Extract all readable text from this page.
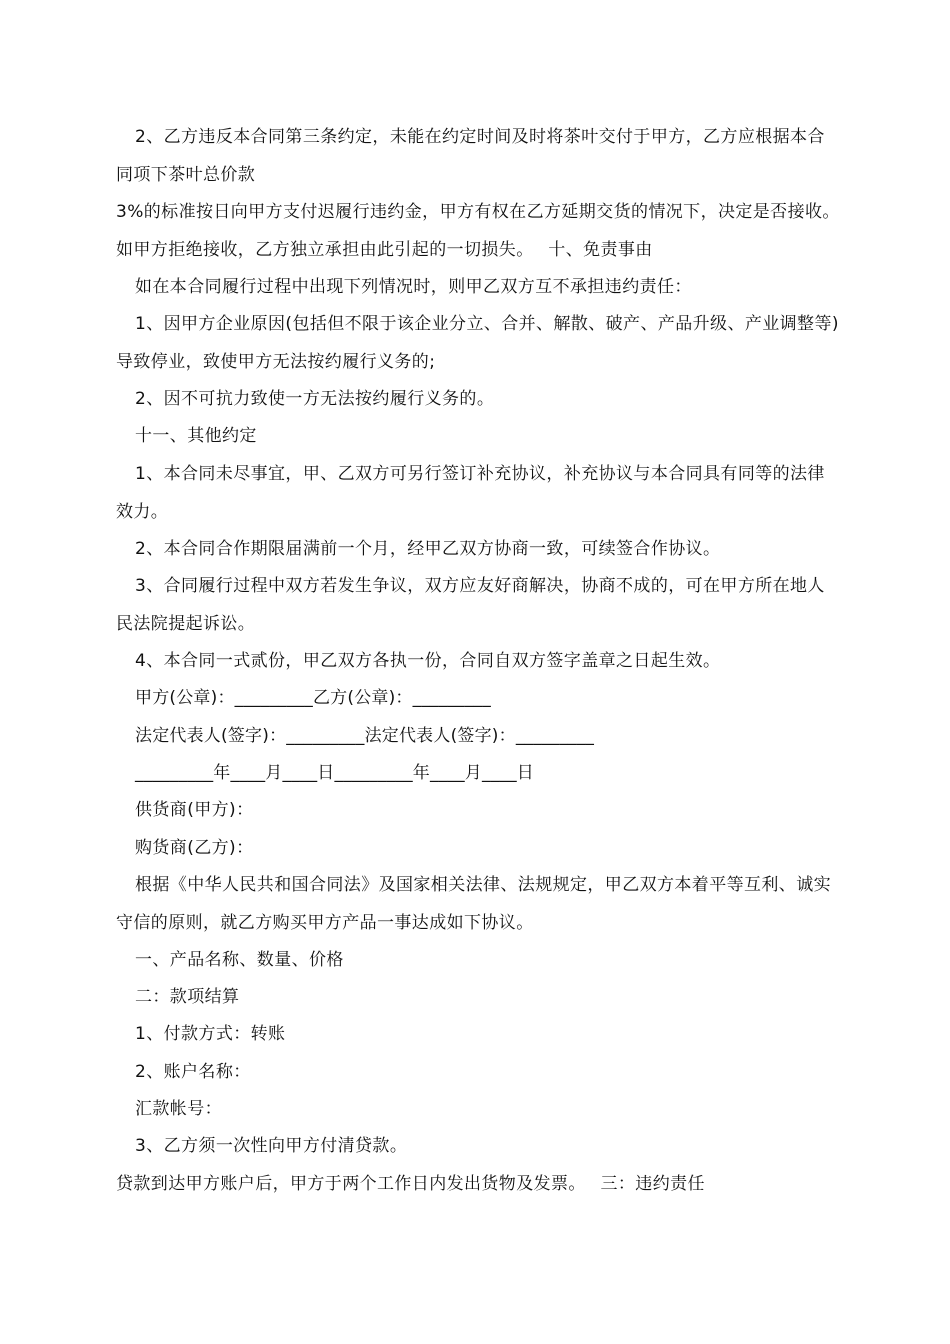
2、乙方违反本合同第三条约定，未能在约定时间及时将茶叶交付于甲方，乙方应根据本合同项下茶叶总价款

3%的标准按日向甲方支付迟履行违约金，甲方有权在乙方延期交货的情况下，决定是否接收。如甲方拒绝接收，乙方独立承担由此引起的一切损失。　 十、免责事由

如在本合同履行过程中出现下列情况时，则甲乙双方互不承担违约责任：

1、因甲方企业原因(包括但不限于该企业分立、合并、解散、破产、产品升级、产业调整等)导致停业，致使甲方无法按约履行义务的;

2、因不可抗力致使一方无法按约履行义务的。

十一、其他约定

1、本合同未尽事宜，甲、乙双方可另行签订补充协议，补充协议与本合同具有同等的法律效力。

2、本合同合作期限届满前一个月，经甲乙双方协商一致，可续签合作协议。

3、合同履行过程中双方若发生争议，双方应友好商解决，协商不成的，可在甲方所在地人民法院提起诉讼。

4、本合同一式贰份，甲乙双方各执一份，合同自双方签字盖章之日起生效。

甲方(公章)：_________乙方(公章)：_________

法定代表人(签字)：_________法定代表人(签字)：_________

_________年____月____日_________年____月____日

供货商(甲方)：

购货商(乙方)：

根据《中华人民共和国合同法》及国家相关法律、法规规定，甲乙双方本着平等互利、诚实守信的原则，就乙方购买甲方产品一事达成如下协议。

一、产品名称、数量、价格

二：款项结算

1、付款方式：转账

2、账户名称：

汇款帐号：

3、乙方须一次性向甲方付清贷款。

贷款到达甲方账户后，甲方于两个工作日内发出货物及发票。　 三：违约责任
